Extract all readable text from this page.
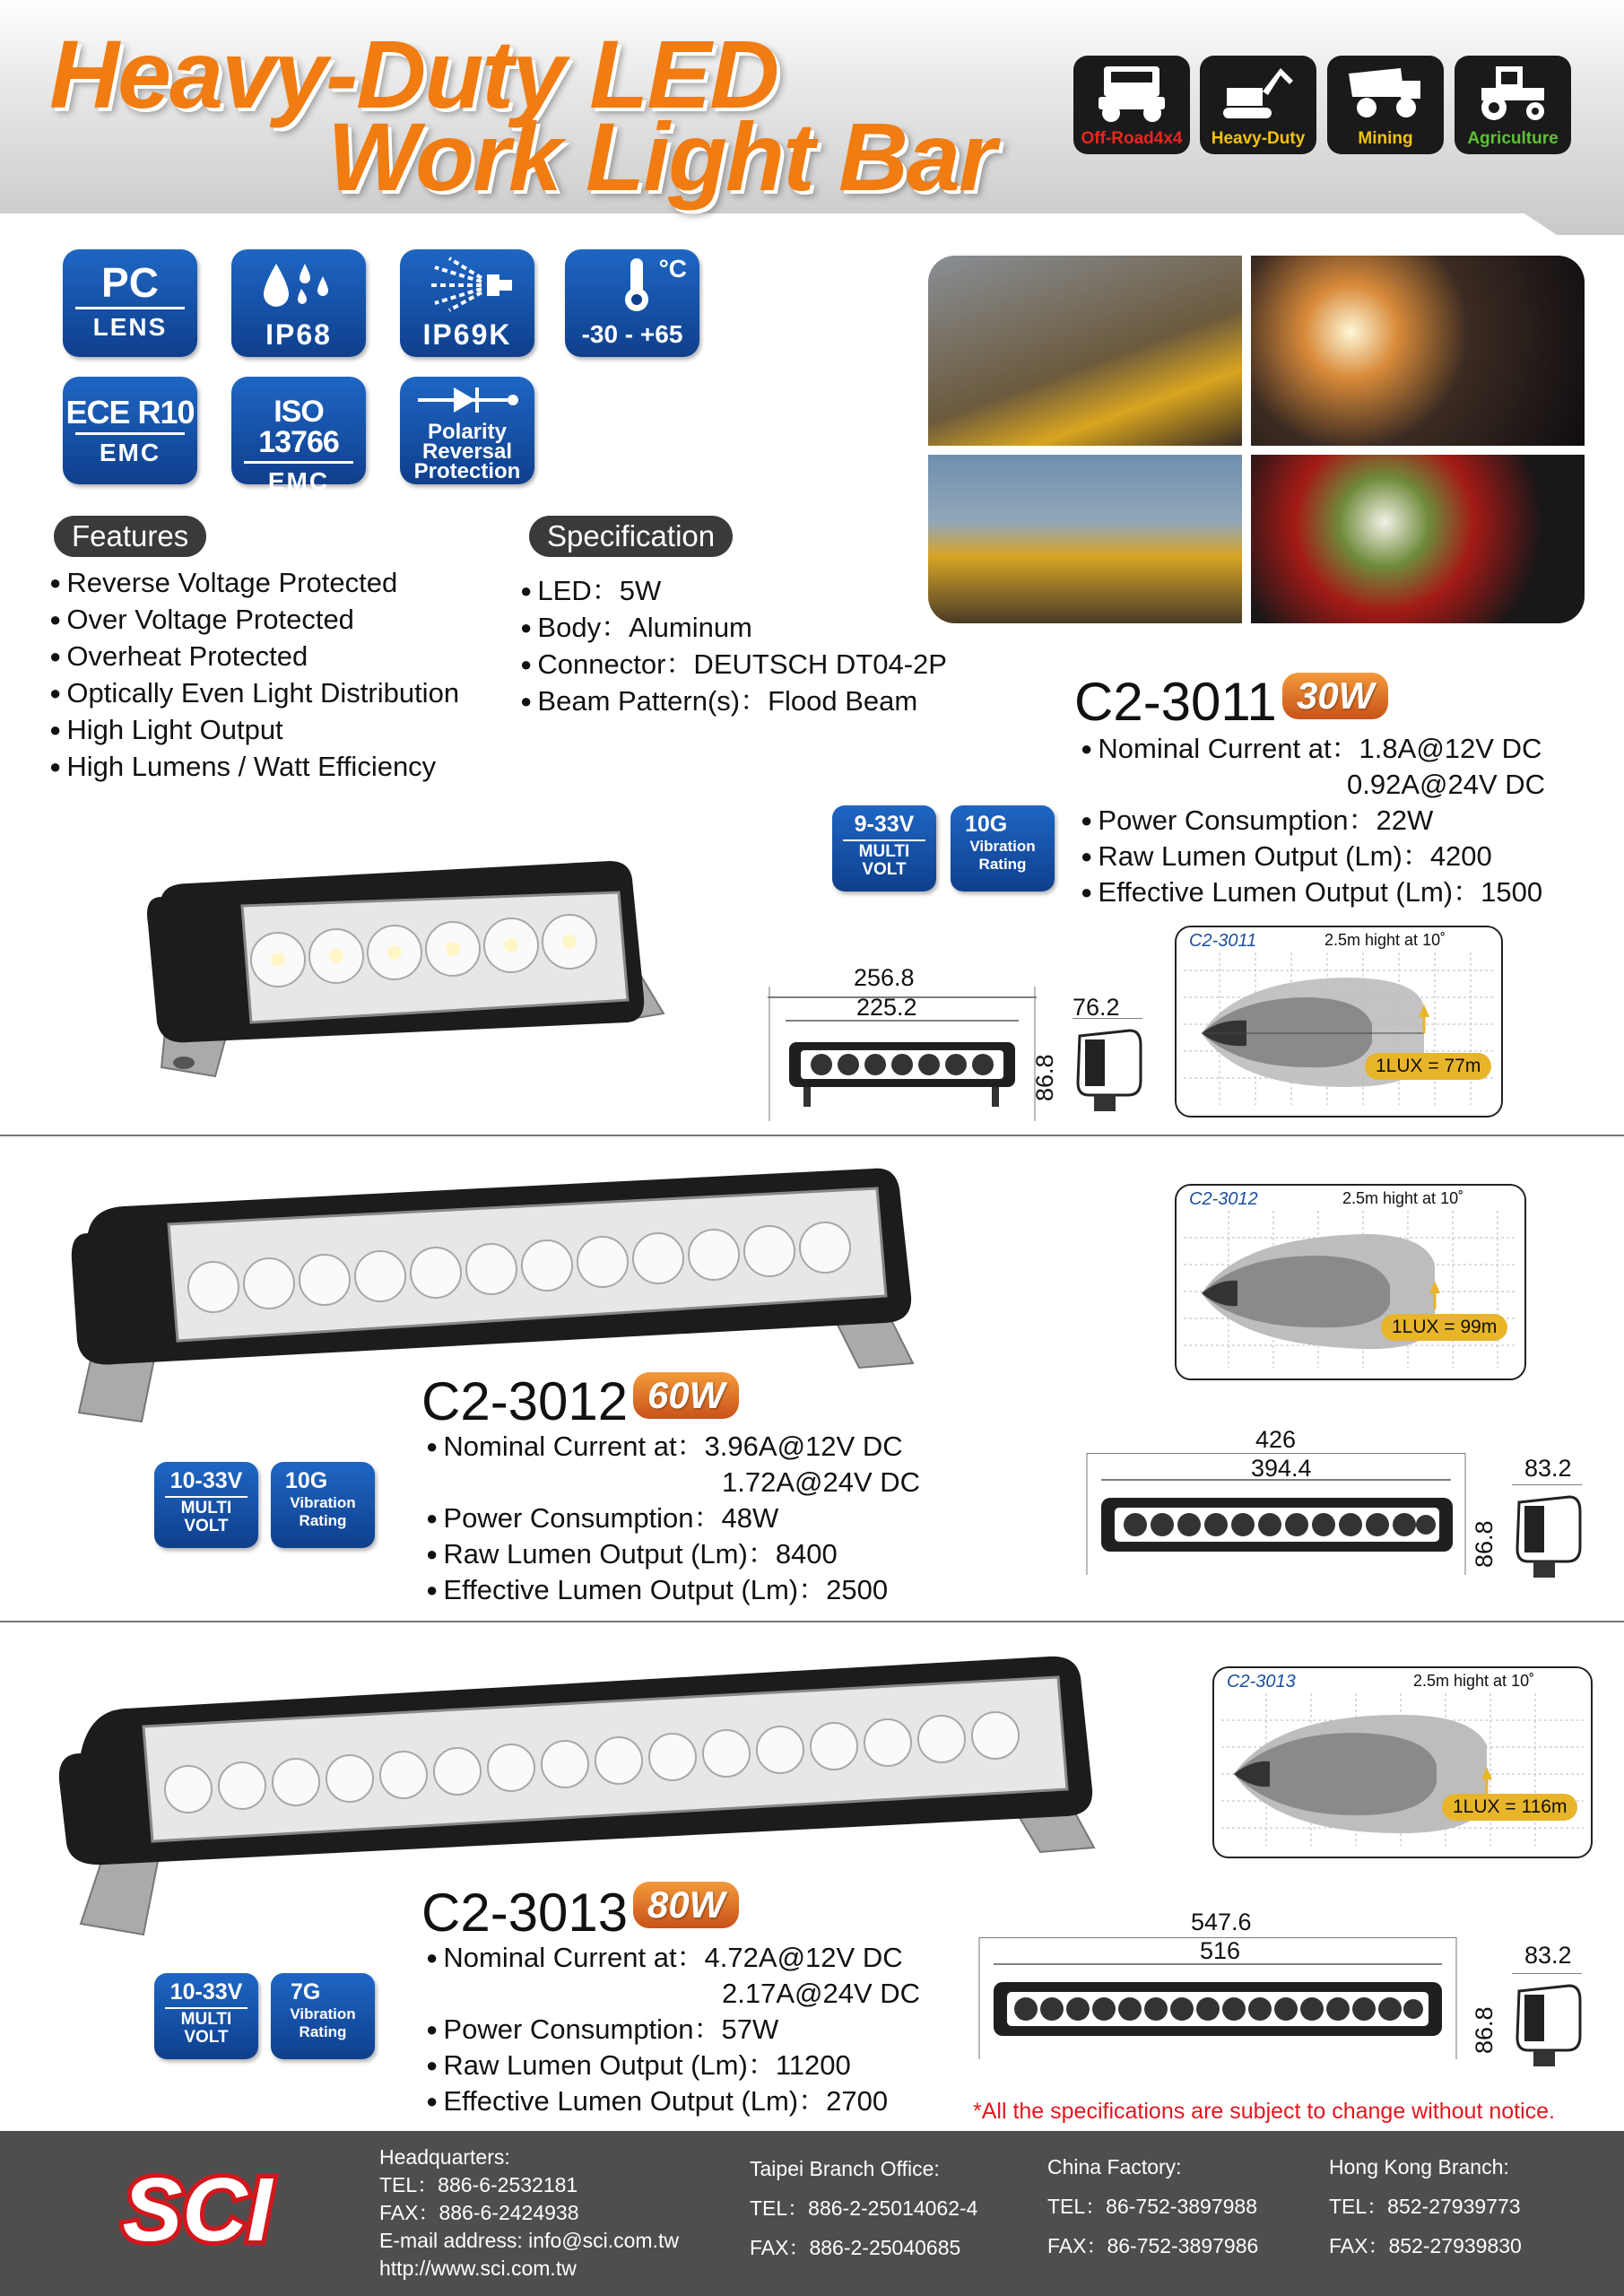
Heavy-Duty LED
Work Light Bar	Off-Road4x4	Heavy-Duty	Mining	Agriculture
PC
LENS	IP68	IP69K
°C
-30 - +65
ECE R10
EMC
ISO 13766
EMC
Polarity
Reversal
Protection
Features
● Reverse Voltage Protected
● Over Voltage Protected
● Overheat Protected
● Optically Even Light Distribution
● High Light Output
● High Lumens / Watt Efficiency
Specification
● LED：5W
● Body：Aluminum
● Connector：DEUTSCH DT04-2P
● Beam Pattern(s)：Flood Beam	C2-3011 30W
● Nominal Current at：1.8A@12V DC
0.92A@24V DC
● Power Consumption：22W
● Raw Lumen Output (Lm)：4200
● Effective Lumen Output (Lm)：1500
9-33V
MULTI
VOLT
10G
Vibration
Rating
256.8
225.2	76.2
86.8
C2-3011	2.5m hight at 10˚
1LUX = 77m
C2-3012 60W
● Nominal Current at：3.96A@12V DC
1.72A@24V DC
● Power Consumption：48W
● Raw Lumen Output (Lm)：8400
● Effective Lumen Output (Lm)：2500
10-33V
MULTI
VOLT
10G
Vibration
Rating
C2-3012	2.5m hight at 10˚
1LUX = 99m
426
394.4	83.2
86.8
C2-3013 80W
● Nominal Current at：4.72A@12V DC
2.17A@24V DC
● Power Consumption：57W
● Raw Lumen Output (Lm)：11200
● Effective Lumen Output (Lm)：2700
10-33V
MULTI
VOLT
7G
Vibration
Rating
C2-3013	2.5m hight at 10˚
1LUX = 116m
547.6
516	83.2
86.8
*All the specifications are subject to change without notice.
SCI
Headquarters:
TEL：886-6-2532181
FAX：886-6-2424938
E-mail address: info@sci.com.tw
http://www.sci.com.tw
Taipei Branch Office:
TEL：886-2-25014062-4
FAX：886-2-25040685
China Factory:
TEL：86-752-3897988
FAX：86-752-3897986
Hong Kong Branch:
TEL：852-27939773
FAX：852-27939830
